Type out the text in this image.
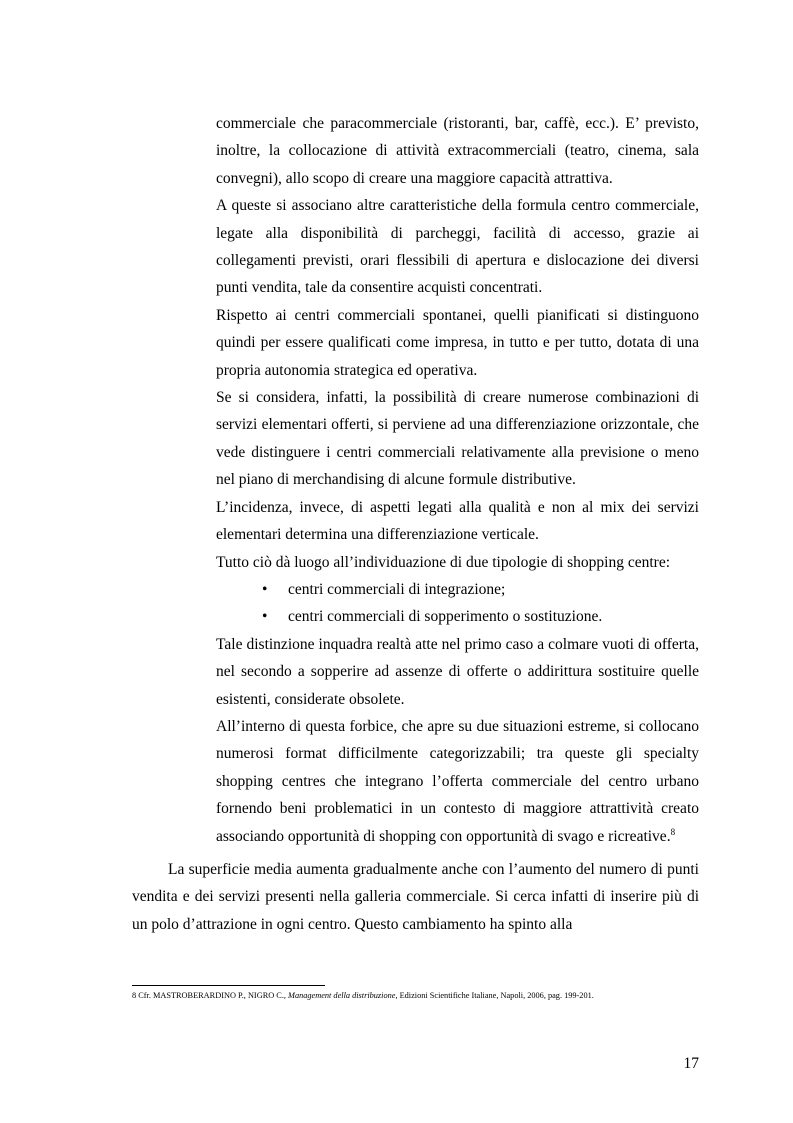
commerciale che paracommerciale (ristoranti, bar, caffè, ecc.). E’ previsto, inoltre, la collocazione di attività extracommerciali (teatro, cinema, sala convegni), allo scopo di creare una maggiore capacità attrattiva.

A queste si associano altre caratteristiche della formula centro commerciale, legate alla disponibilità di parcheggi, facilità di accesso, grazie ai collegamenti previsti, orari flessibili di apertura e dislocazione dei diversi punti vendita, tale da consentire acquisti concentrati.

Rispetto ai centri commerciali spontanei, quelli pianificati si distinguono quindi per essere qualificati come impresa, in tutto e per tutto, dotata di una propria autonomia strategica ed operativa.

Se si considera, infatti, la possibilità di creare numerose combinazioni di servizi elementari offerti, si perviene ad una differenziazione orizzontale, che vede distinguere i centri commerciali relativamente alla previsione o meno nel piano di merchandising di alcune formule distributive.

L’incidenza, invece, di aspetti legati alla qualità e non al mix dei servizi elementari determina una differenziazione verticale.

Tutto ciò dà luogo all’individuazione di due tipologie di shopping centre:

• centri commerciali di integrazione;
• centri commerciali di sopperimento o sostituzione.

Tale distinzione inquadra realtà atte nel primo caso a colmare vuoti di offerta, nel secondo a sopperire ad assenze di offerte o addirittura sostituire quelle esistenti, considerate obsolete.

All’interno di questa forbice, che apre su due situazioni estreme, si collocano numerosi format difficilmente categorizzabili; tra queste gli specialty shopping centres che integrano l’offerta commerciale del centro urbano fornendo beni problematici in un contesto di maggiore attrattività creato associando opportunità di shopping con opportunità di svago e ricreative.$^8$

La superficie media aumenta gradualmente anche con l’aumento del numero di punti vendita e dei servizi presenti nella galleria commerciale. Si cerca infatti di inserire più di un polo d’attrazione in ogni centro. Questo cambiamento ha spinto alla

8 Cfr. MASTROBERARDINO P., NIGRO C., Management della distribuzione, Edizioni Scientifiche Italiane, Napoli, 2006, pag. 199-201.
17
